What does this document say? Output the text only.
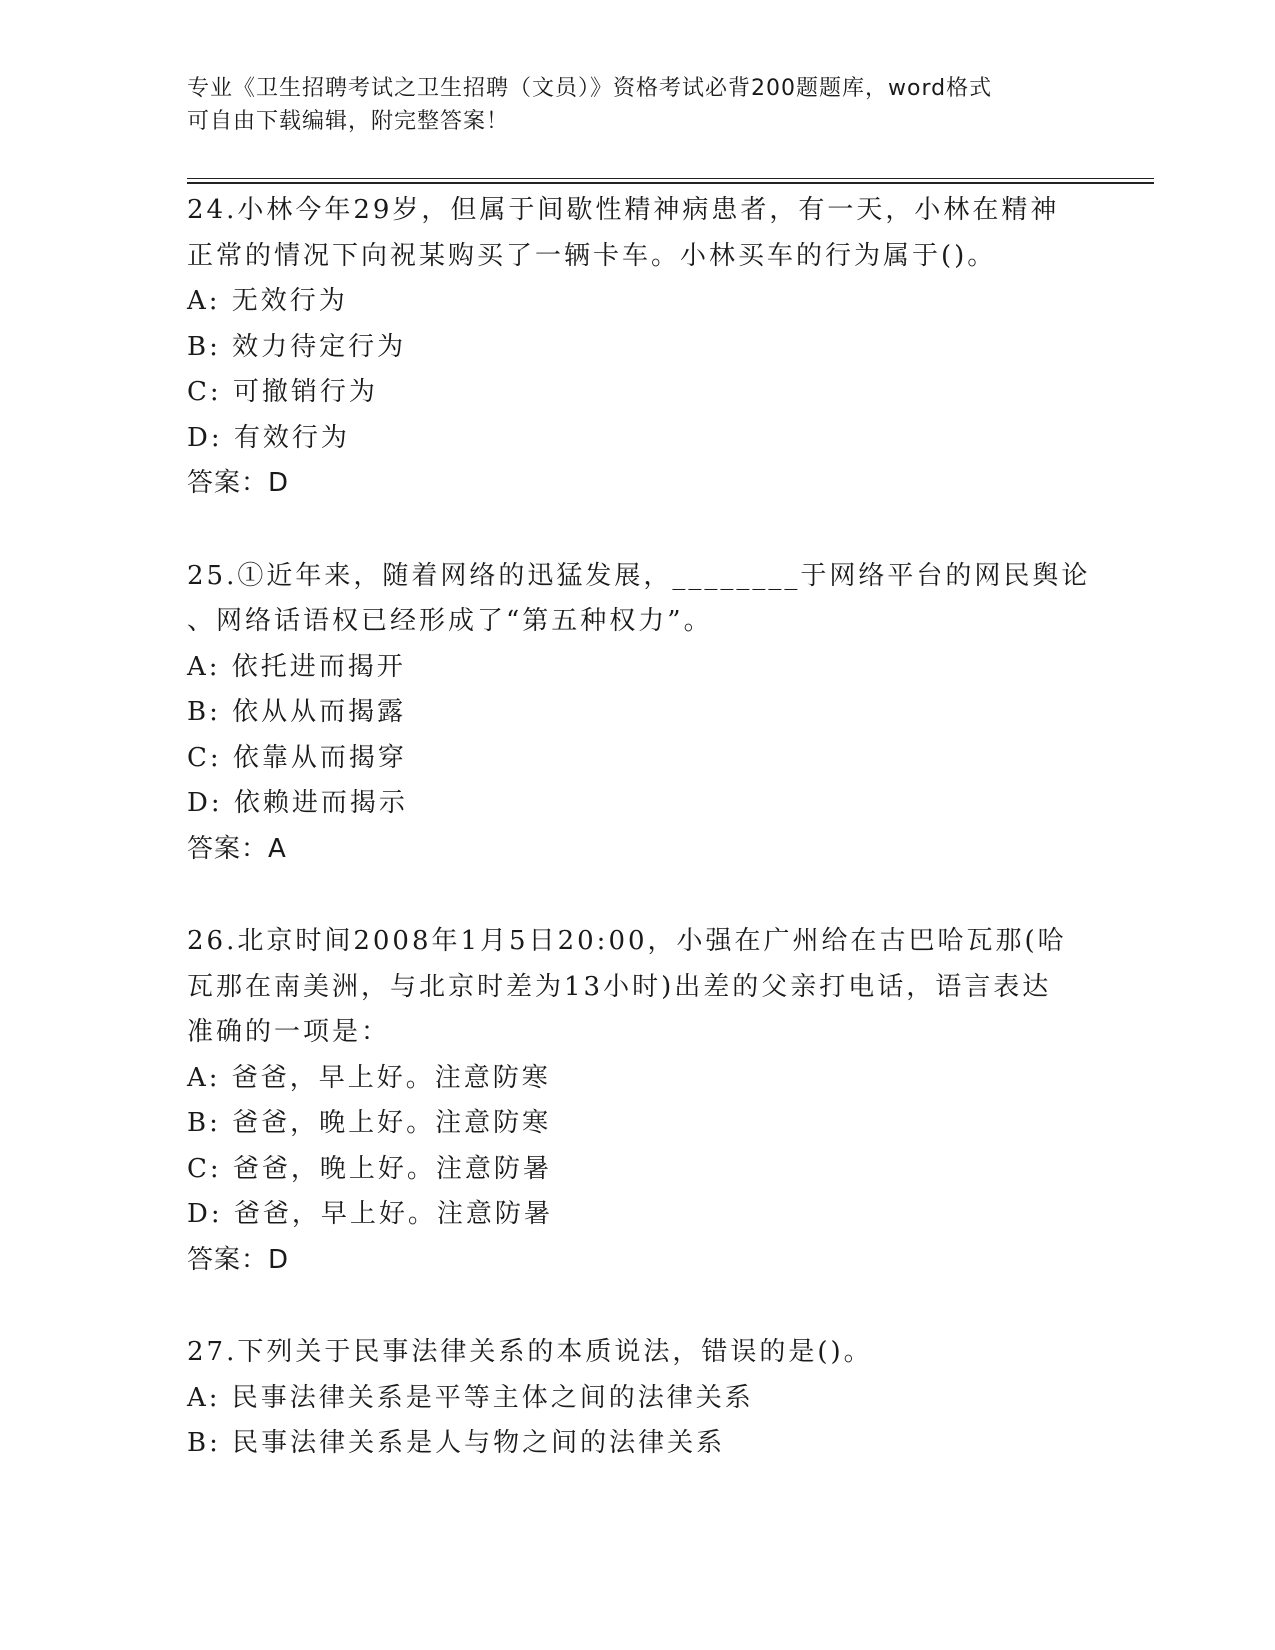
专业《卫生招聘考试之卫生招聘（文员）》资格考试必背200题题库，word格式
可自由下载编辑，附完整答案！
24.小林今年29岁，但属于间歇性精神病患者，有一天，小林在精神
正常的情况下向祝某购买了一辆卡车。小林买车的行为属于()。
A: 无效行为
B: 效力待定行为
C: 可撤销行为
D: 有效行为
答案：D
25.①近年来，随着网络的迅猛发展，________于网络平台的网民舆论
、网络话语权已经形成了“第五种权力”。
A: 依托进而揭开
B: 依从从而揭露
C: 依靠从而揭穿
D: 依赖进而揭示
答案：A
26.北京时间2008年1月5日20:00，小强在广州给在古巴哈瓦那(哈
瓦那在南美洲，与北京时差为13小时)出差的父亲打电话，语言表达
准确的一项是：
A: 爸爸，早上好。注意防寒
B: 爸爸，晚上好。注意防寒
C: 爸爸，晚上好。注意防暑
D: 爸爸，早上好。注意防暑
答案：D
27.下列关于民事法律关系的本质说法，错误的是()。
A: 民事法律关系是平等主体之间的法律关系
B: 民事法律关系是人与物之间的法律关系
